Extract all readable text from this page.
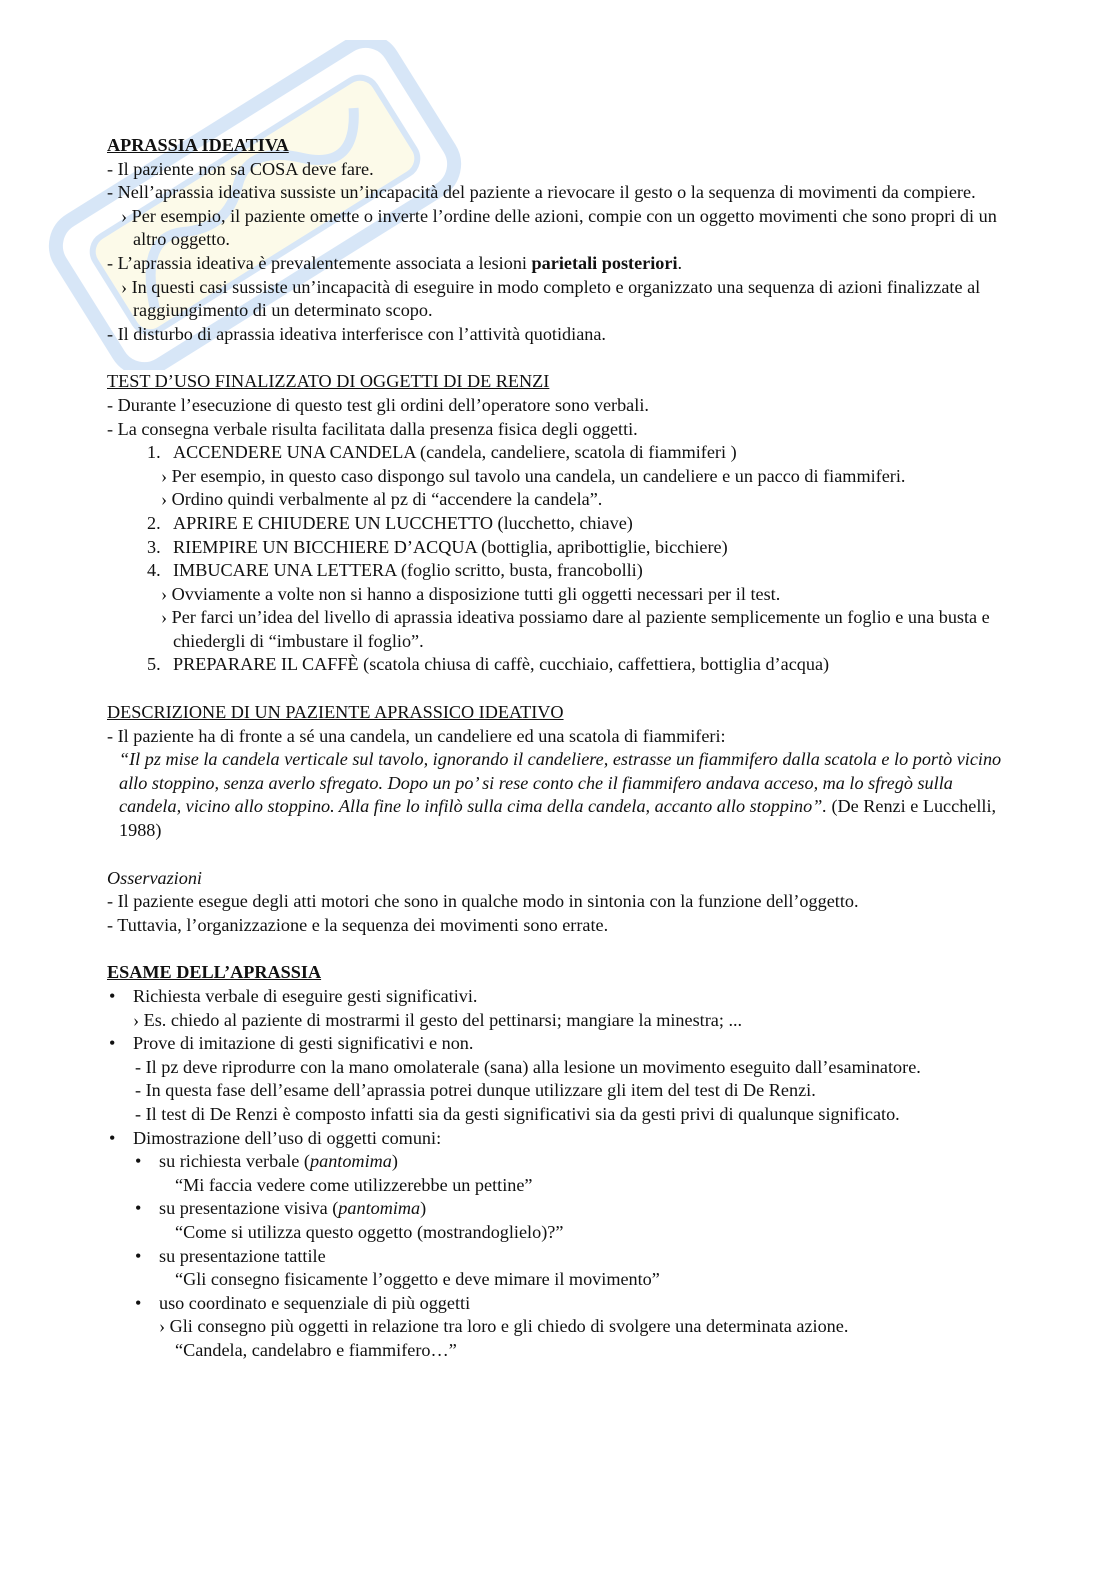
APRASSIA IDEATIVA

- Il paziente non sa COSA deve fare.

- Nell’aprassia ideativa sussiste un’incapacità del paziente a rievocare il gesto o la sequenza di movimenti da compiere.

› Per esempio, il paziente omette o inverte l’ordine delle azioni, compie con un oggetto movimenti che sono propri di un altro oggetto.

- L’aprassia ideativa è prevalentemente associata a lesioni parietali posteriori.

› In questi casi sussiste un’incapacità di eseguire in modo completo e organizzato una sequenza di azioni finalizzate al raggiungimento di un determinato scopo.

- Il disturbo di aprassia ideativa interferisce con l’attività quotidiana.

TEST D’USO FINALIZZATO DI OGGETTI DI DE RENZI

- Durante l’esecuzione di questo test gli ordini dell’operatore sono verbali.

- La consegna verbale risulta facilitata dalla presenza fisica degli oggetti.

1. ACCENDERE UNA CANDELA (candela, candeliere, scatola di fiammiferi )

› Per esempio, in questo caso dispongo sul tavolo una candela, un candeliere e un pacco di fiammiferi.

› Ordino quindi verbalmente al pz di “accendere la candela”.

2. APRIRE E CHIUDERE UN LUCCHETTO (lucchetto, chiave)

3. RIEMPIRE UN BICCHIERE D’ACQUA (bottiglia, apribottiglie, bicchiere)

4. IMBUCARE UNA LETTERA (foglio scritto, busta, francobolli)

› Ovviamente a volte non si hanno a disposizione tutti gli oggetti necessari per il test.

› Per farci un’idea del livello di aprassia ideativa possiamo dare al paziente semplicemente un foglio e una busta e chiedergli di “imbustare il foglio”.

5. PREPARARE IL CAFFÈ (scatola chiusa di caffè, cucchiaio, caffettiera, bottiglia d’acqua)

DESCRIZIONE DI UN PAZIENTE APRASSICO IDEATIVO

- Il paziente ha di fronte a sé una candela, un candeliere ed una scatola di fiammiferi:

“Il pz mise la candela verticale sul tavolo, ignorando il candeliere, estrasse un fiammifero dalla scatola e lo portò vicino allo stoppino, senza averlo sfregato. Dopo un po’ si rese conto che il fiammifero andava acceso, ma lo sfregò sulla candela, vicino allo stoppino. Alla fine lo infilò sulla cima della candela, accanto allo stoppino”. (De Renzi e Lucchelli, 1988)

Osservazioni

- Il paziente esegue degli atti motori che sono in qualche modo in sintonia con la funzione dell’oggetto.

- Tuttavia, l’organizzazione e la sequenza dei movimenti sono errate.

ESAME DELL’APRASSIA

• Richiesta verbale di eseguire gesti significativi.

› Es. chiedo al paziente di mostrarmi il gesto del pettinarsi; mangiare la minestra; ...

• Prove di imitazione di gesti significativi e non.

- Il pz deve riprodurre con la mano omolaterale (sana) alla lesione un movimento eseguito dall’esaminatore.

- In questa fase dell’esame dell’aprassia potrei dunque utilizzare gli item del test di De Renzi.

- Il test di De Renzi è composto infatti sia da gesti significativi sia da gesti privi di qualunque significato.

• Dimostrazione dell’uso di oggetti comuni:

• su richiesta verbale (pantomima)

“Mi faccia vedere come utilizzerebbe un pettine”

• su presentazione visiva (pantomima)

“Come si utilizza questo oggetto (mostrandoglielo)?”

• su presentazione tattile

“Gli consegno fisicamente l’oggetto e deve mimare il movimento”

• uso coordinato e sequenziale di più oggetti

› Gli consegno più oggetti in relazione tra loro e gli chiedo di svolgere una determinata azione.

“Candela, candelabro e fiammifero…”
